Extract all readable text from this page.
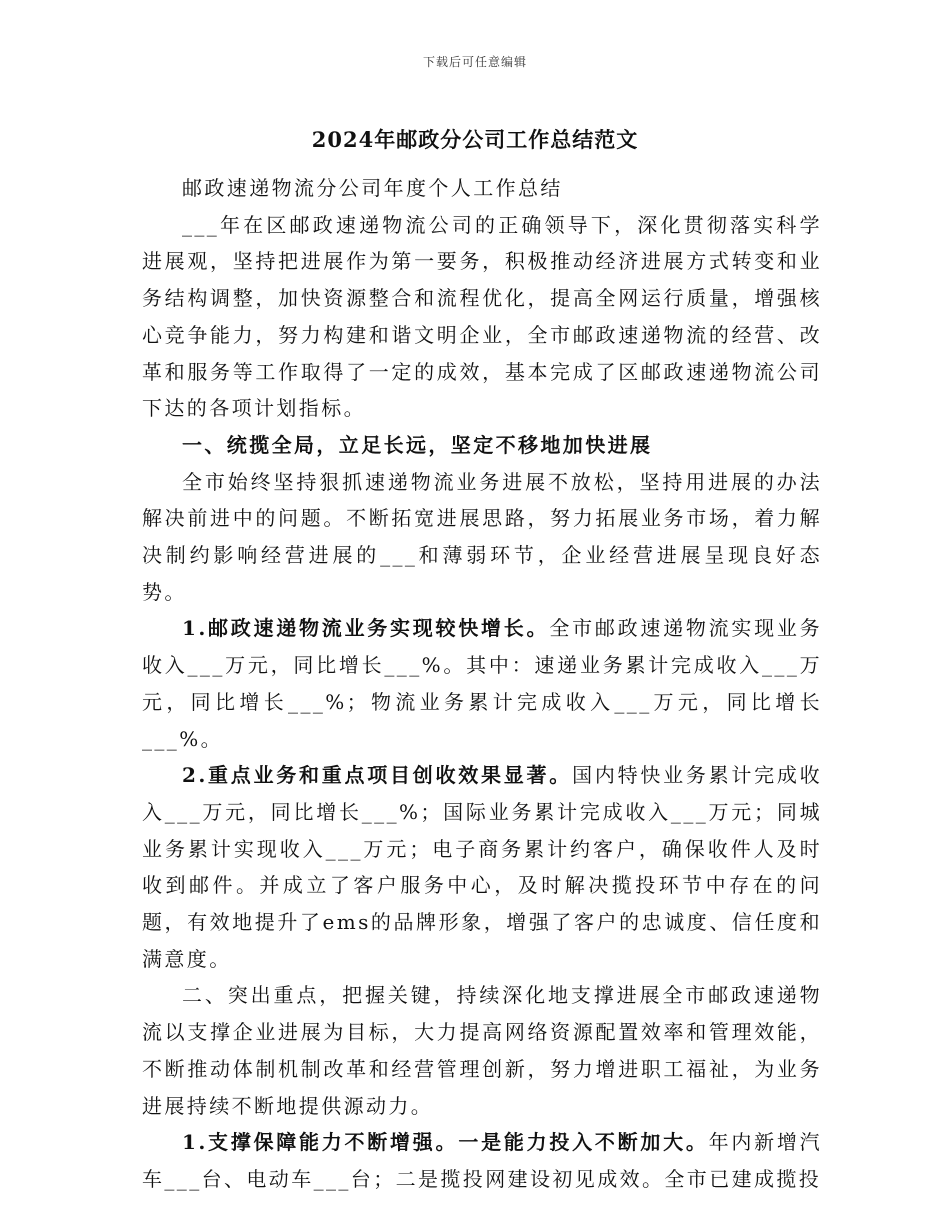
下载后可任意编辑
2024年邮政分公司工作总结范文

邮政速递物流分公司年度个人工作总结

___年在区邮政速递物流公司的正确领导下，深化贯彻落实科学进展观，坚持把进展作为第一要务，积极推动经济进展方式转变和业务结构调整，加快资源整合和流程优化，提高全网运行质量，增强核心竞争能力，努力构建和谐文明企业，全市邮政速递物流的经营、改革和服务等工作取得了一定的成效，基本完成了区邮政速递物流公司下达的各项计划指标。

一、统揽全局，立足长远，坚定不移地加快进展

全市始终坚持狠抓速递物流业务进展不放松，坚持用进展的办法解决前进中的问题。不断拓宽进展思路，努力拓展业务市场，着力解决制约影响经营进展的___和薄弱环节，企业经营进展呈现良好态势。

1.邮政速递物流业务实现较快增长。全市邮政速递物流实现业务收入___万元，同比增长___%。其中：速递业务累计完成收入___万元，同比增长___%；物流业务累计完成收入___万元，同比增长___%。

2.重点业务和重点项目创收效果显著。国内特快业务累计完成收入___万元，同比增长___%；国际业务累计完成收入___万元；同城业务累计实现收入___万元；电子商务累计约客户，确保收件人及时收到邮件。并成立了客户服务中心，及时解决揽投环节中存在的问题，有效地提升了ems的品牌形象，增强了客户的忠诚度、信任度和满意度。

二、突出重点，把握关键，持续深化地支撑进展全市邮政速递物流以支撑企业进展为目标，大力提高网络资源配置效率和管理效能，不断推动体制机制改革和经营管理创新，努力增进职工福祉，为业务进展持续不断地提供源动力。

1.支撑保障能力不断增强。一是能力投入不断加大。年内新增汽车___台、电动车___台；二是揽投网建设初见成效。全市已建成揽投
